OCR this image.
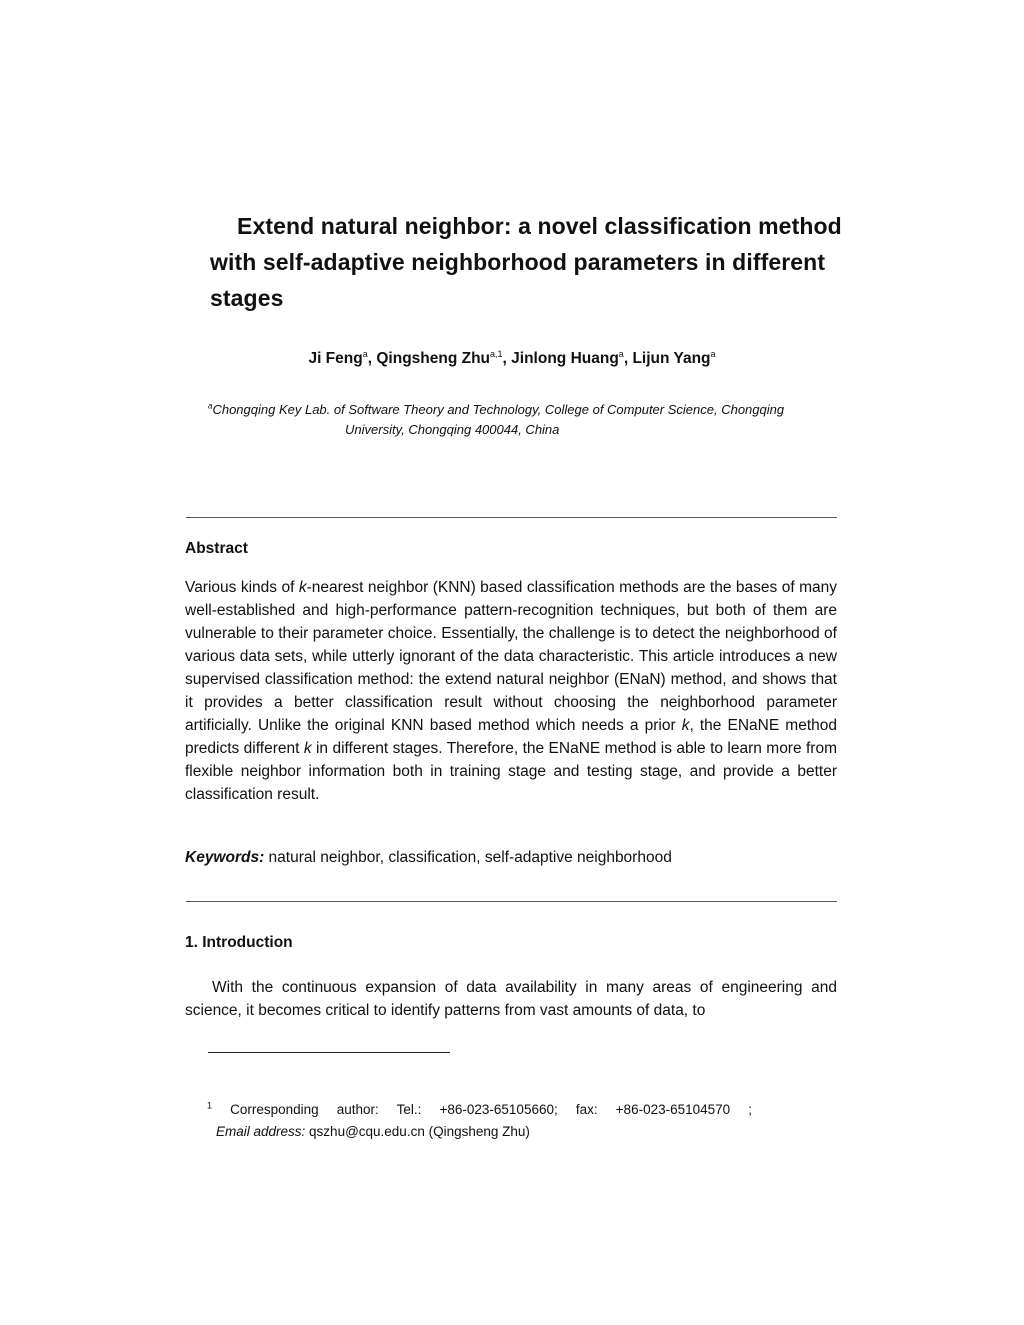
Extend natural neighbor: a novel classification method with self-adaptive neighborhood parameters in different stages

Ji Feng$^a$, Qingsheng Zhu$^{a,1}$, Jinlong Huang$^a$, Lijun Yang$^a$

$^a$Chongqing Key Lab. of Software Theory and Technology, College of Computer Science, Chongqing
University, Chongqing 400044, China

Abstract

Various kinds of k-nearest neighbor (KNN) based classification methods are the bases of many well-established and high-performance pattern-recognition techniques, but both of them are vulnerable to their parameter choice. Essentially, the challenge is to detect the neighborhood of various data sets, while utterly ignorant of the data characteristic. This article introduces a new supervised classification method: the extend natural neighbor (ENaN) method, and shows that it provides a better classification result without choosing the neighborhood parameter artificially. Unlike the original KNN based method which needs a prior k, the ENaNE method predicts different k in different stages. Therefore, the ENaNE method is able to learn more from flexible neighbor information both in training stage and testing stage, and provide a better classification result.

Keywords: natural neighbor, classification, self-adaptive neighborhood

1. Introduction

With the continuous expansion of data availability in many areas of engineering and science, it becomes critical to identify patterns from vast amounts of data, to

$^1$ Corresponding author: Tel.: +86-023-65105660; fax: +86-023-65104570 ;
Email address: qszhu@cqu.edu.cn (Qingsheng Zhu)
